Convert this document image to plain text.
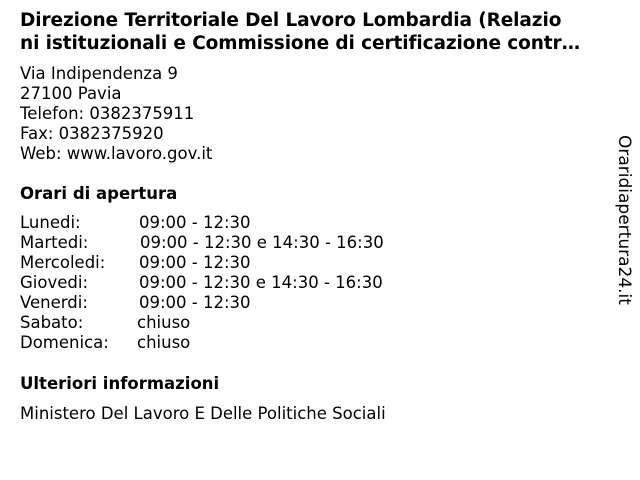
Direzione Territoriale Del Lavoro Lombardia (Relazio
ni istituzionali e Commissione di certificazione contr…
Via Indipendenza 9
27100 Pavia
Telefon: 0382375911
Fax: 0382375920
Web: www.lavoro.gov.it
Orari di apertura
Lunedi:	09:00 - 12:30
Martedi:	09:00 - 12:30 e 14:30 - 16:30
Mercoledi: 09:00 - 12:30
Giovedi:	09:00 - 12:30 e 14:30 - 16:30
Venerdi:	09:00 - 12:30
Sabato:	chiuso
Domenica: chiuso
Ulteriori informazioni
Ministero Del Lavoro E Delle Politiche Sociali
Oraridiapertura24.it
